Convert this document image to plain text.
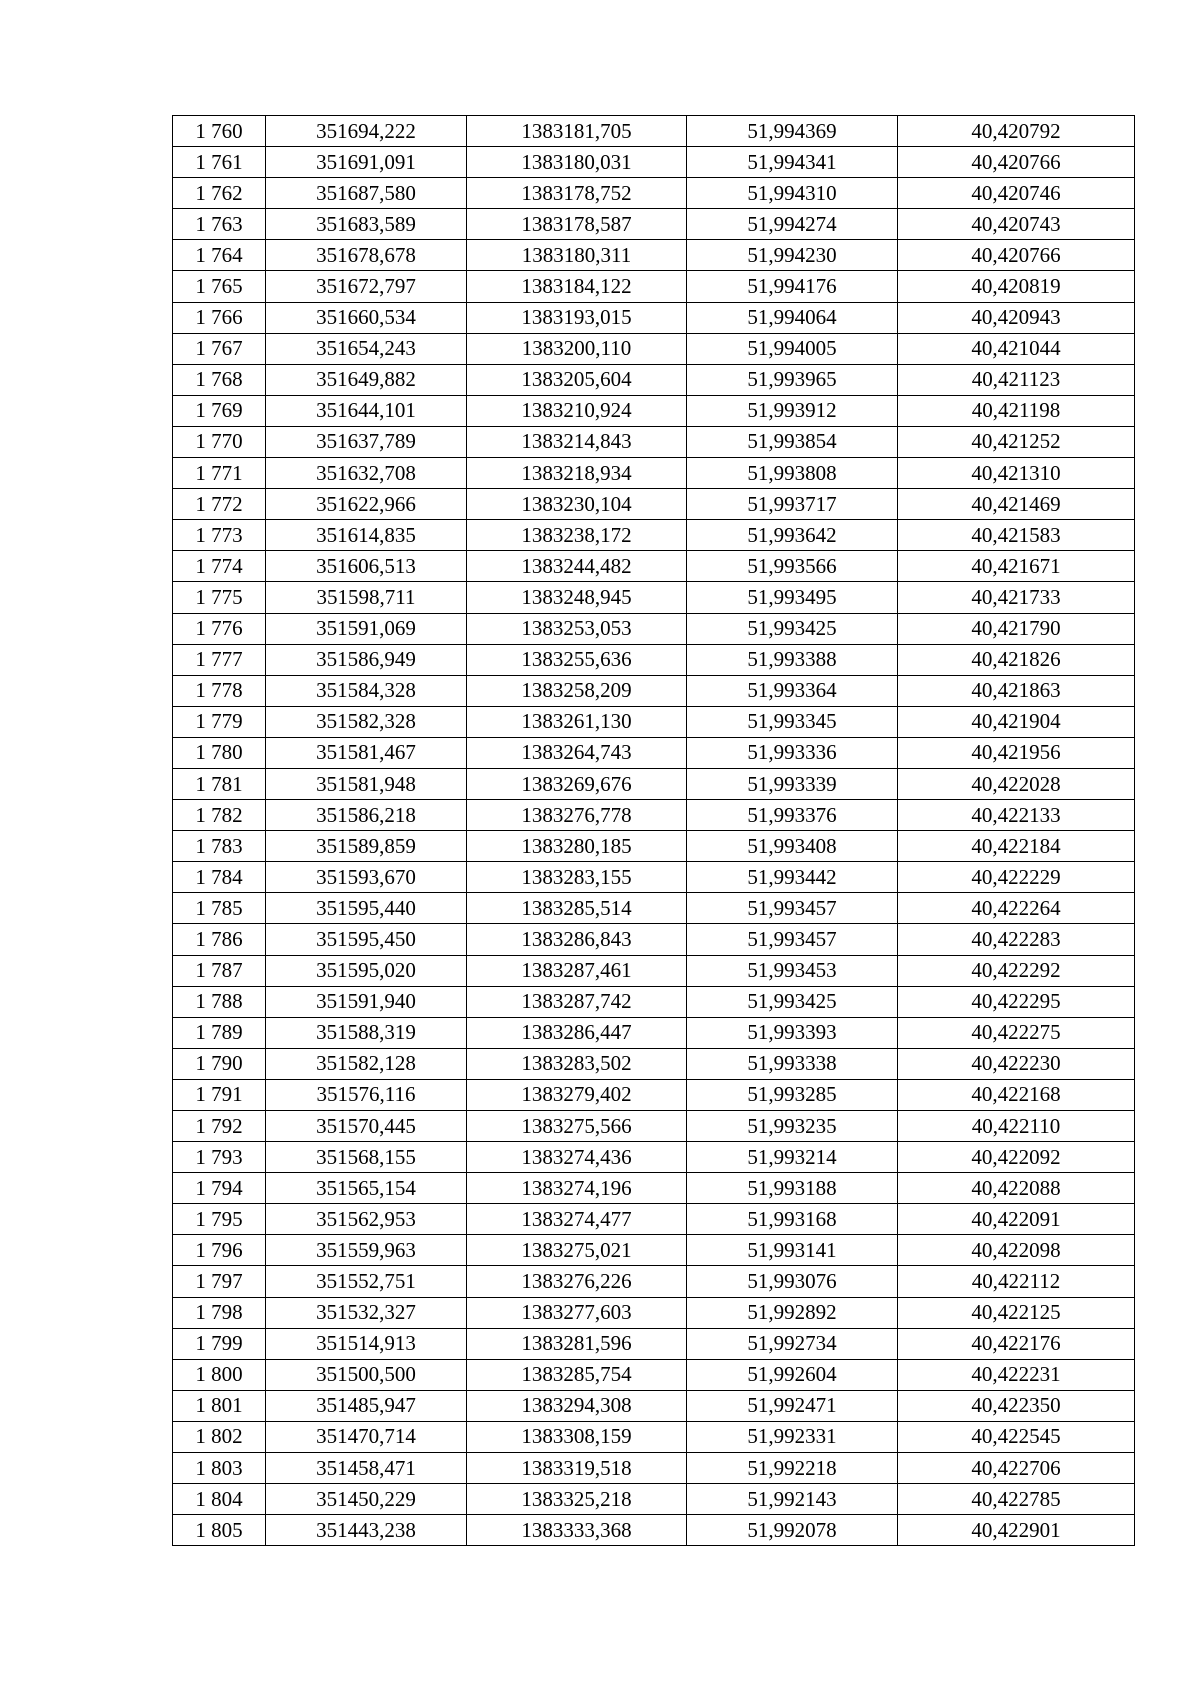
1 760	351694,222	1383181,705	51,994369	40,420792
1 761	351691,091	1383180,031	51,994341	40,420766
1 762	351687,580	1383178,752	51,994310	40,420746
1 763	351683,589	1383178,587	51,994274	40,420743
1 764	351678,678	1383180,311	51,994230	40,420766
1 765	351672,797	1383184,122	51,994176	40,420819
1 766	351660,534	1383193,015	51,994064	40,420943
1 767	351654,243	1383200,110	51,994005	40,421044
1 768	351649,882	1383205,604	51,993965	40,421123
1 769	351644,101	1383210,924	51,993912	40,421198
1 770	351637,789	1383214,843	51,993854	40,421252
1 771	351632,708	1383218,934	51,993808	40,421310
1 772	351622,966	1383230,104	51,993717	40,421469
1 773	351614,835	1383238,172	51,993642	40,421583
1 774	351606,513	1383244,482	51,993566	40,421671
1 775	351598,711	1383248,945	51,993495	40,421733
1 776	351591,069	1383253,053	51,993425	40,421790
1 777	351586,949	1383255,636	51,993388	40,421826
1 778	351584,328	1383258,209	51,993364	40,421863
1 779	351582,328	1383261,130	51,993345	40,421904
1 780	351581,467	1383264,743	51,993336	40,421956
1 781	351581,948	1383269,676	51,993339	40,422028
1 782	351586,218	1383276,778	51,993376	40,422133
1 783	351589,859	1383280,185	51,993408	40,422184
1 784	351593,670	1383283,155	51,993442	40,422229
1 785	351595,440	1383285,514	51,993457	40,422264
1 786	351595,450	1383286,843	51,993457	40,422283
1 787	351595,020	1383287,461	51,993453	40,422292
1 788	351591,940	1383287,742	51,993425	40,422295
1 789	351588,319	1383286,447	51,993393	40,422275
1 790	351582,128	1383283,502	51,993338	40,422230
1 791	351576,116	1383279,402	51,993285	40,422168
1 792	351570,445	1383275,566	51,993235	40,422110
1 793	351568,155	1383274,436	51,993214	40,422092
1 794	351565,154	1383274,196	51,993188	40,422088
1 795	351562,953	1383274,477	51,993168	40,422091
1 796	351559,963	1383275,021	51,993141	40,422098
1 797	351552,751	1383276,226	51,993076	40,422112
1 798	351532,327	1383277,603	51,992892	40,422125
1 799	351514,913	1383281,596	51,992734	40,422176
1 800	351500,500	1383285,754	51,992604	40,422231
1 801	351485,947	1383294,308	51,992471	40,422350
1 802	351470,714	1383308,159	51,992331	40,422545
1 803	351458,471	1383319,518	51,992218	40,422706
1 804	351450,229	1383325,218	51,992143	40,422785
1 805	351443,238	1383333,368	51,992078	40,422901
